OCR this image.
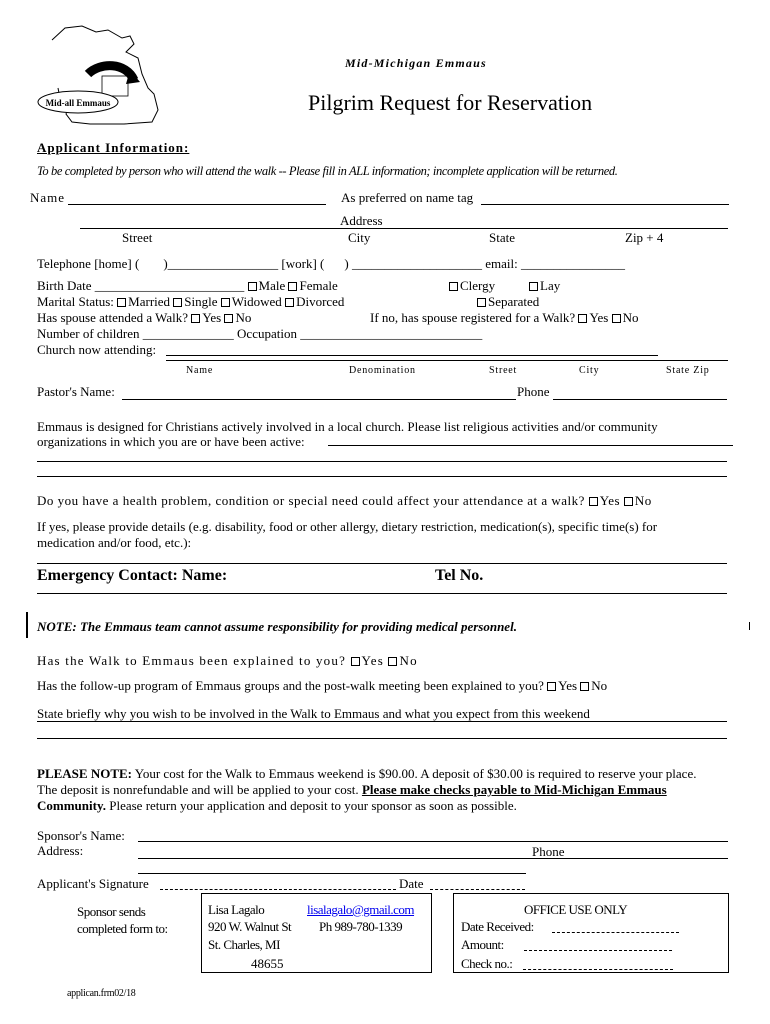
Mid-all Emmaus
Mid-Michigan Emmaus
Pilgrim Request for Reservation
Applicant Information:
To be completed by person who will attend the walk -- Please fill in ALL information; incomplete application will be returned.
Name	As preferred on name tag
Address
Street	City	State	Zip + 4
Telephone [home] ( )_________________ [work] ( ) ____________________ email: ________________
Birth Date _______________________ Male Female	Clergy	Lay
Marital Status: Married Single Widowed Divorced	Separated
Has spouse attended a Walk? Yes No	If no, has spouse registered for a Walk? Yes No
Number of children ______________ Occupation ____________________________
Church now attending:
Name	Denomination	Street	City	State Zip
Pastor's Name:	Phone
Emmaus is designed for Christians actively involved in a local church. Please list religious activities and/or community organizations in which you are or have been active:
Do you have a health problem, condition or special need could affect your attendance at a walk? Yes No
If yes, please provide details (e.g. disability, food or other allergy, dietary restriction, medication(s), specific time(s) for medication and/or food, etc.):
Emergency Contact: Name:	Tel No.
NOTE: The Emmaus team cannot assume responsibility for providing medical personnel.
Has the Walk to Emmaus been explained to you? Yes No
Has the follow-up program of Emmaus groups and the post-walk meeting been explained to you? Yes No
State briefly why you wish to be involved in the Walk to Emmaus and what you expect from this weekend
PLEASE NOTE: Your cost for the Walk to Emmaus weekend is $90.00. A deposit of $30.00 is required to reserve your place. The deposit is nonrefundable and will be applied to your cost. Please make checks payable to Mid-Michigan Emmaus Community. Please return your application and deposit to your sponsor as soon as possible.
Sponsor's Name:
Address:	Phone
Applicant's Signature	Date
Sponsor sends
completed form to:
Lisa Lagalo	lisalagalo@gmail.com
920 W. Walnut St Ph 989-780-1339
St. Charles, MI
48655
OFFICE USE ONLY
Date Received:
Amount:
Check no.:
applican.frm02/18
